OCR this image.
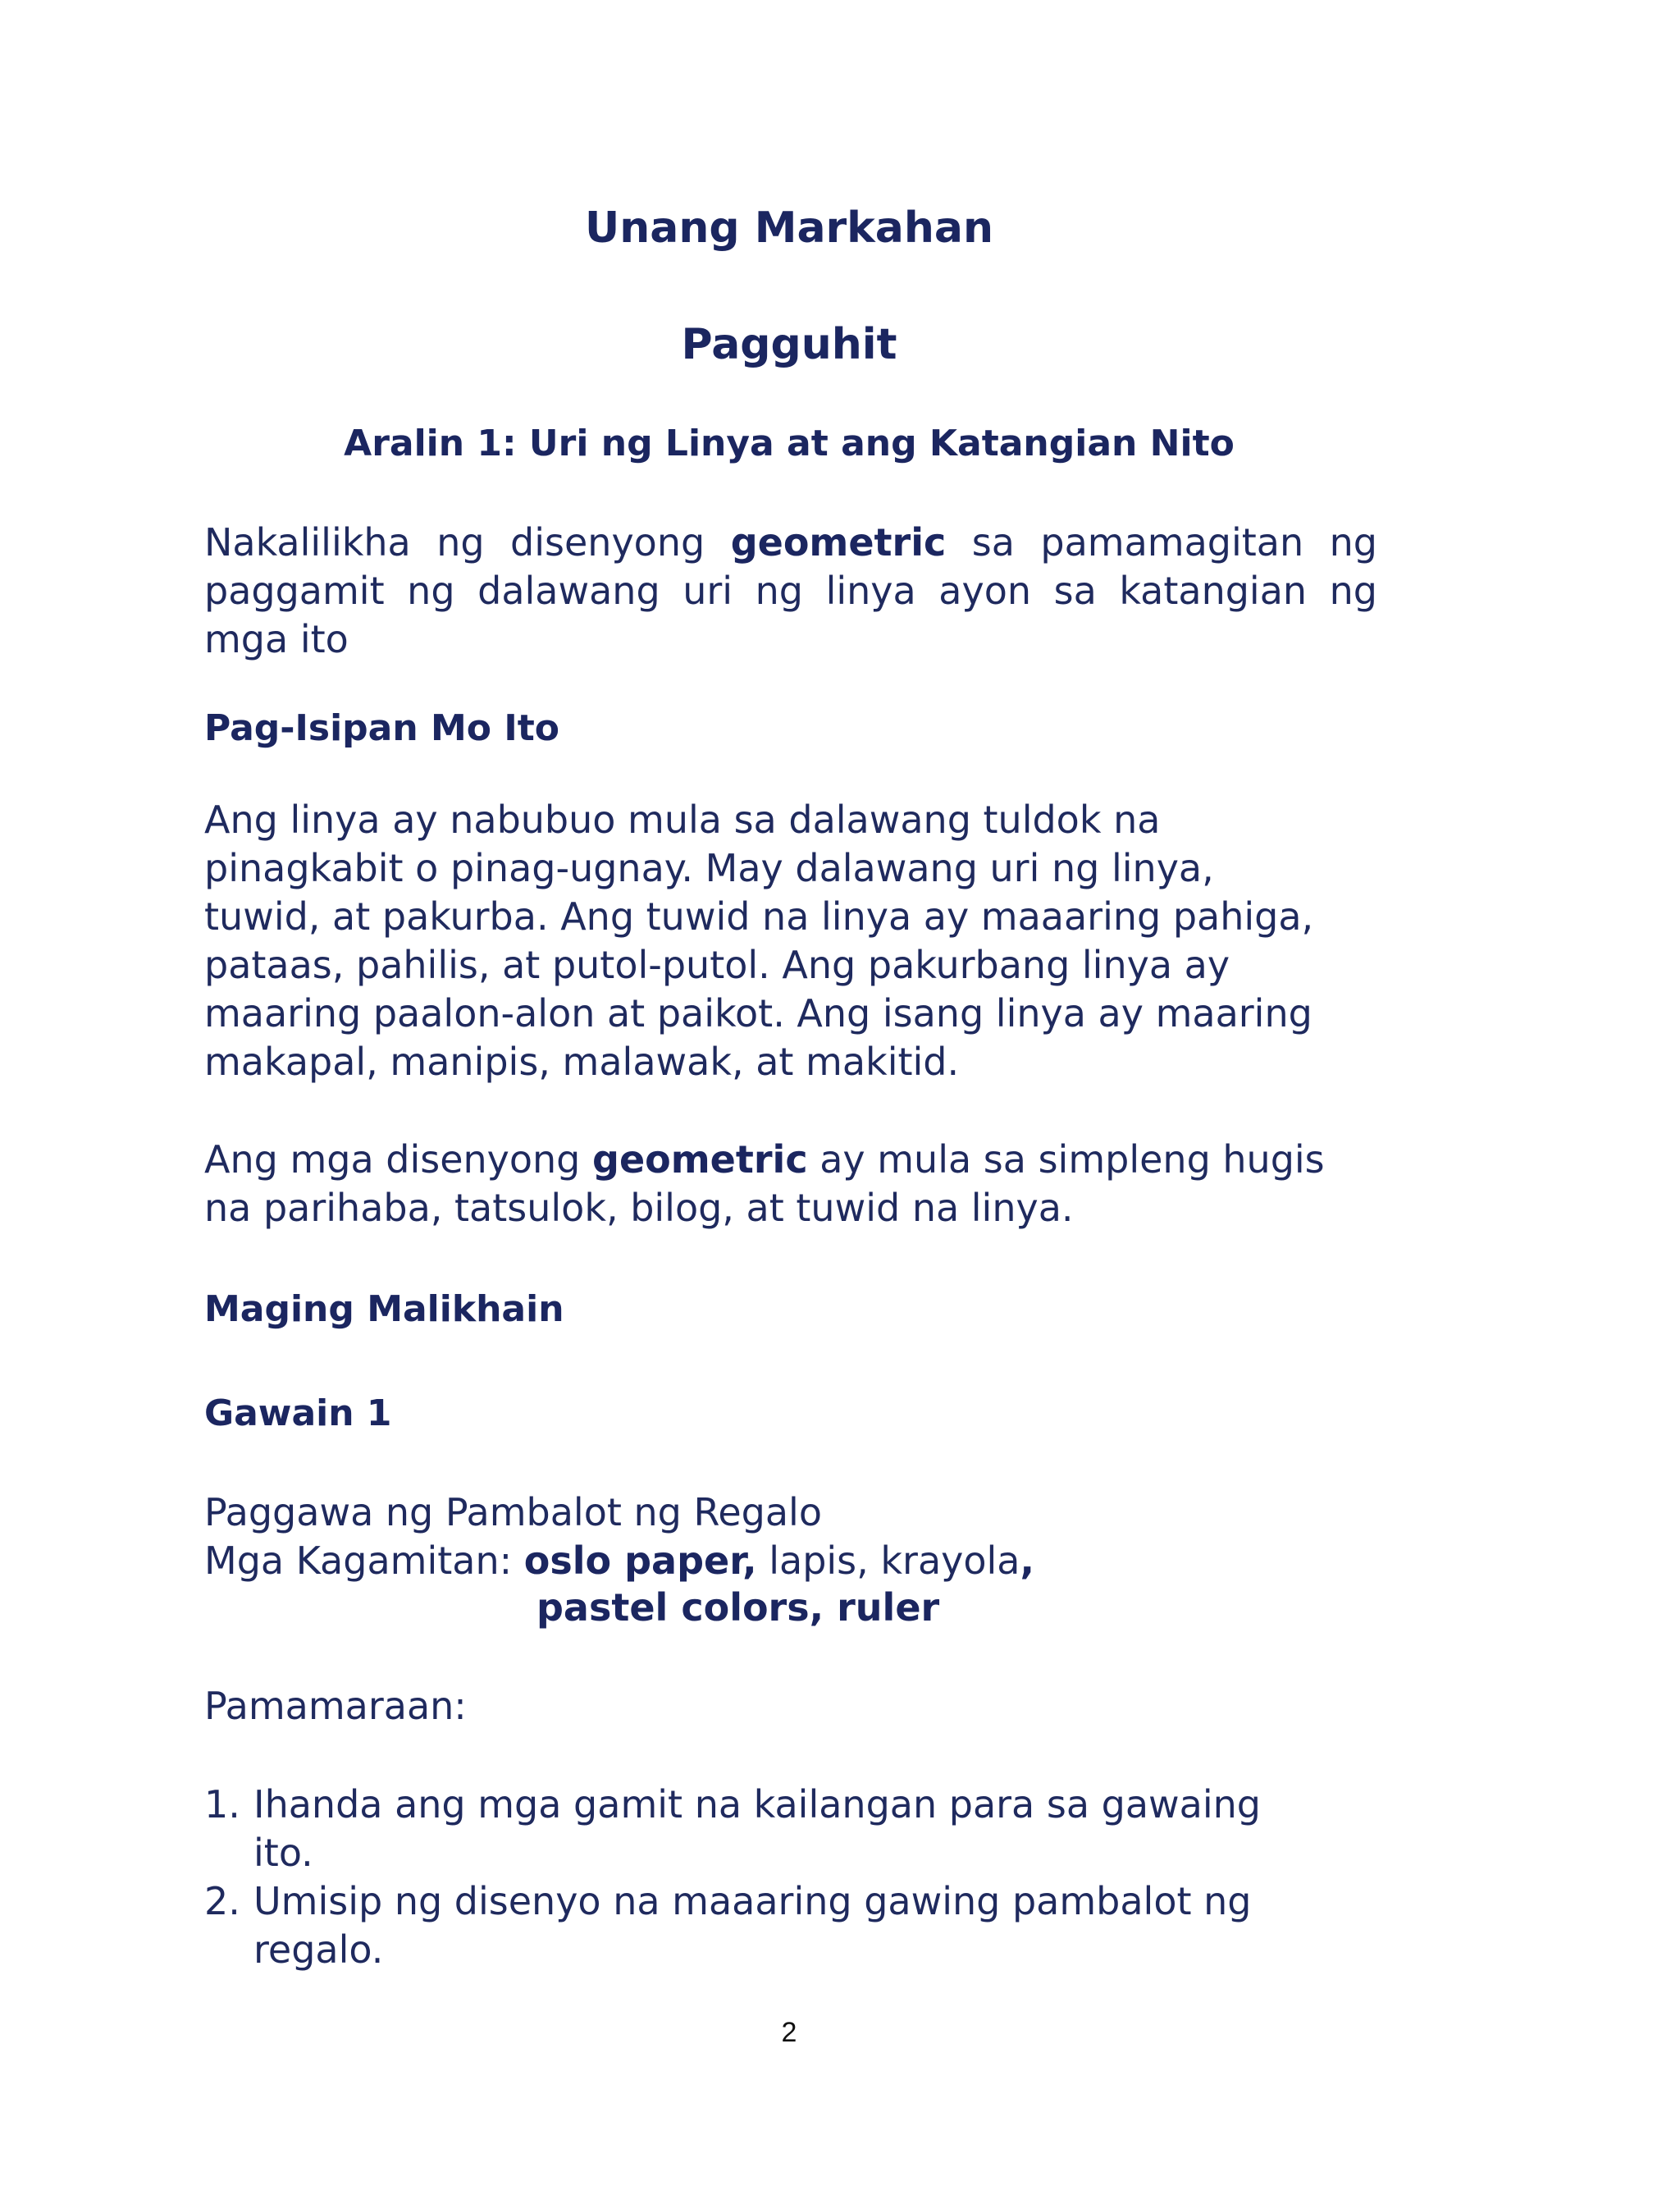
Unang Markahan
Pagguhit
Aralin 1: Uri ng Linya at ang Katangian Nito
Nakalilikha ng disenyong geometric sa pamamagitan ng paggamit ng dalawang uri ng linya ayon sa katangian ng mga ito
Pag-Isipan Mo Ito
Ang linya ay nabubuo mula sa dalawang tuldok na
pinagkabit o pinag-ugnay. May dalawang uri ng linya,
tuwid, at pakurba. Ang tuwid na linya ay maaaring pahiga,
pataas, pahilis, at putol-putol. Ang pakurbang linya ay
maaring paalon-alon at paikot. Ang isang linya ay maaring
makapal, manipis, malawak, at makitid.
Ang mga disenyong geometric ay mula sa simpleng hugis
na parihaba, tatsulok, bilog, at tuwid na linya.
Maging Malikhain
Gawain 1
Paggawa ng Pambalot ng Regalo
Mga Kagamitan: oslo paper, lapis, krayola,
pastel colors, ruler
Pamamaraan:
1. Ihanda ang mga gamit na kailangan para sa gawaing
ito.
2. Umisip ng disenyo na maaaring gawing pambalot ng
regalo.
2
